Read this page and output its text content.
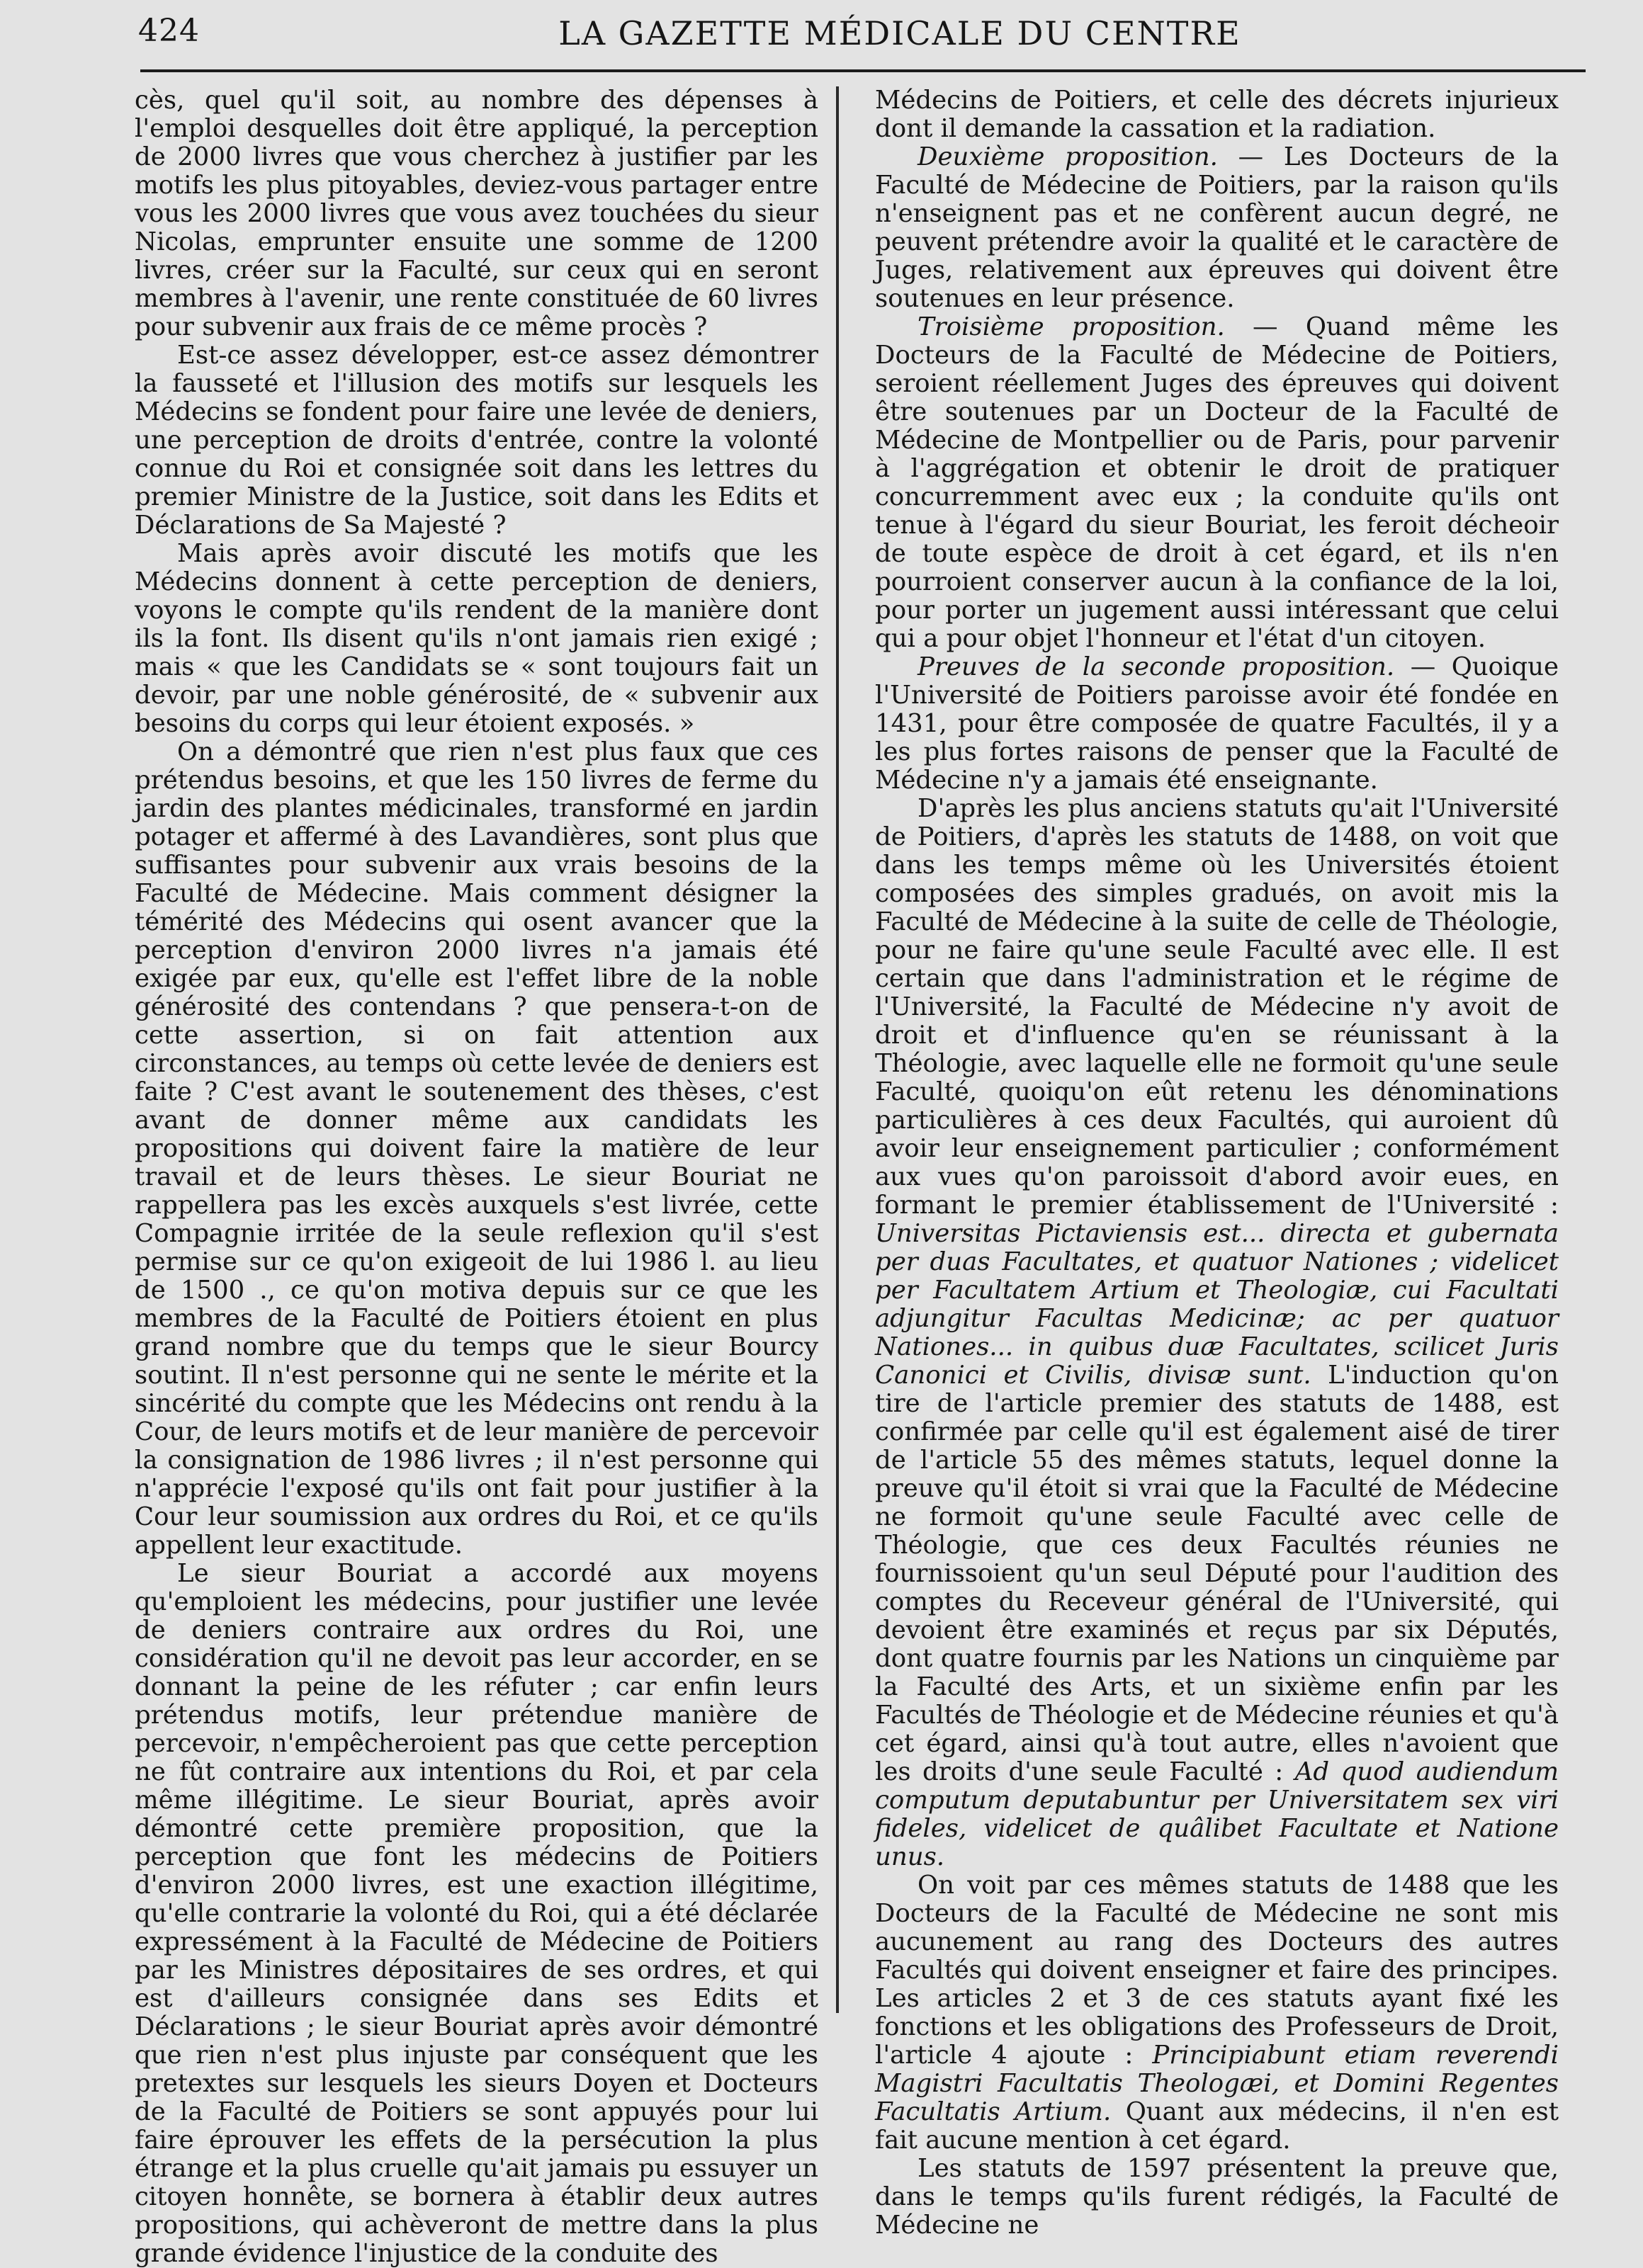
424	LA GAZETTE MÉDICALE DU CENTRE

cès, quel qu'il soit, au nombre des dépenses à l'emploi desquelles doit être appliqué, la perception de 2000 livres que vous cherchez à justifier par les motifs les plus pitoyables, deviez-vous partager entre vous les 2000 livres que vous avez touchées du sieur Nicolas, emprunter ensuite une somme de 1200 livres, créer sur la Faculté, sur ceux qui en seront membres à l'avenir, une rente constituée de 60 livres pour subvenir aux frais de ce même procès ?

Est-ce assez développer, est-ce assez démontrer la fausseté et l'illusion des motifs sur lesquels les Médecins se fondent pour faire une levée de deniers, une perception de droits d'entrée, contre la volonté connue du Roi et consignée soit dans les lettres du premier Ministre de la Justice, soit dans les Edits et Déclarations de Sa Majesté ?

Mais après avoir discuté les motifs que les Médecins donnent à cette perception de deniers, voyons le compte qu'ils rendent de la manière dont ils la font. Ils disent qu'ils n'ont jamais rien exigé ; mais « que les Candidats se « sont toujours fait un devoir, par une noble générosité, de « subvenir aux besoins du corps qui leur étoient exposés. »

On a démontré que rien n'est plus faux que ces prétendus besoins, et que les 150 livres de ferme du jardin des plantes médicinales, transformé en jardin potager et affermé à des Lavandières, sont plus que suffisantes pour subvenir aux vrais besoins de la Faculté de Médecine. Mais comment désigner la témérité des Médecins qui osent avancer que la perception d'environ 2000 livres n'a jamais été exigée par eux, qu'elle est l'effet libre de la noble générosité des contendans ? que pensera-t-on de cette assertion, si on fait attention aux circonstances, au temps où cette levée de deniers est faite ? C'est avant le soutenement des thèses, c'est avant de donner même aux candidats les propositions qui doivent faire la matière de leur travail et de leurs thèses. Le sieur Bouriat ne rappellera pas les excès auxquels s'est livrée, cette Compagnie irritée de la seule reflexion qu'il s'est permise sur ce qu'on exigeoit de lui 1986 l. au lieu de 1500 ., ce qu'on motiva depuis sur ce que les membres de la Faculté de Poitiers étoient en plus grand nombre que du temps que le sieur Bourcy soutint. Il n'est personne qui ne sente le mérite et la sincérité du compte que les Médecins ont rendu à la Cour, de leurs motifs et de leur manière de percevoir la consignation de 1986 livres ; il n'est personne qui n'apprécie l'exposé qu'ils ont fait pour justifier à la Cour leur soumission aux ordres du Roi, et ce qu'ils appellent leur exactitude.

Le sieur Bouriat a accordé aux moyens qu'emploient les médecins, pour justifier une levée de deniers contraire aux ordres du Roi, une considération qu'il ne devoit pas leur accorder, en se donnant la peine de les réfuter ; car enfin leurs prétendus motifs, leur prétendue manière de percevoir, n'empêcheroient pas que cette perception ne fût contraire aux intentions du Roi, et par cela même illégitime. Le sieur Bouriat, après avoir démontré cette première proposition, que la perception que font les médecins de Poitiers d'environ 2000 livres, est une exaction illégitime, qu'elle contrarie la volonté du Roi, qui a été déclarée expressément à la Faculté de Médecine de Poitiers par les Ministres dépositaires de ses ordres, et qui est d'ailleurs consignée dans ses Edits et Déclarations ; le sieur Bouriat après avoir démontré que rien n'est plus injuste par conséquent que les pretextes sur lesquels les sieurs Doyen et Docteurs de la Faculté de Poitiers se sont appuyés pour lui faire éprouver les effets de la persécution la plus étrange et la plus cruelle qu'ait jamais pu essuyer un citoyen honnête, se bornera à établir deux autres propositions, qui achèveront de mettre dans la plus grande évidence l'injustice de la conduite des

Médecins de Poitiers, et celle des décrets injurieux dont il demande la cassation et la radiation.

Deuxième proposition. — Les Docteurs de la Faculté de Médecine de Poitiers, par la raison qu'ils n'enseignent pas et ne confèrent aucun degré, ne peuvent prétendre avoir la qualité et le caractère de Juges, relativement aux épreuves qui doivent être soutenues en leur présence.

Troisième proposition. — Quand même les Docteurs de la Faculté de Médecine de Poitiers, seroient réellement Juges des épreuves qui doivent être soutenues par un Docteur de la Faculté de Médecine de Montpellier ou de Paris, pour parvenir à l'aggrégation et obtenir le droit de pratiquer concurremment avec eux ; la conduite qu'ils ont tenue à l'égard du sieur Bouriat, les feroit décheoir de toute espèce de droit à cet égard, et ils n'en pourroient conserver aucun à la confiance de la loi, pour porter un jugement aussi intéressant que celui qui a pour objet l'honneur et l'état d'un citoyen.

Preuves de la seconde proposition. — Quoique l'Université de Poitiers paroisse avoir été fondée en 1431, pour être composée de quatre Facultés, il y a les plus fortes raisons de penser que la Faculté de Médecine n'y a jamais été enseignante.

D'après les plus anciens statuts qu'ait l'Université de Poitiers, d'après les statuts de 1488, on voit que dans les temps même où les Universités étoient composées des simples gradués, on avoit mis la Faculté de Médecine à la suite de celle de Théologie, pour ne faire qu'une seule Faculté avec elle. Il est certain que dans l'administration et le régime de l'Université, la Faculté de Médecine n'y avoit de droit et d'influence qu'en se réunissant à la Théologie, avec laquelle elle ne formoit qu'une seule Faculté, quoiqu'on eût retenu les dénominations particulières à ces deux Facultés, qui auroient dû avoir leur enseignement particulier ; conformément aux vues qu'on paroissoit d'abord avoir eues, en formant le premier établissement de l'Université : Universitas Pictaviensis est... directa et gubernata per duas Facultates, et quatuor Nationes ; videlicet per Facultatem Artium et Theologiæ, cui Facultati adjungitur Facultas Medicinæ; ac per quatuor Nationes... in quibus duæ Facultates, scilicet Juris Canonici et Civilis, divisæ sunt. L'induction qu'on tire de l'article premier des statuts de 1488, est confirmée par celle qu'il est également aisé de tirer de l'article 55 des mêmes statuts, lequel donne la preuve qu'il étoit si vrai que la Faculté de Médecine ne formoit qu'une seule Faculté avec celle de Théologie, que ces deux Facultés réunies ne fournissoient qu'un seul Député pour l'audition des comptes du Receveur général de l'Université, qui devoient être examinés et reçus par six Députés, dont quatre fournis par les Nations un cinquième par la Faculté des Arts, et un sixième enfin par les Facultés de Théologie et de Médecine réunies et qu'à cet égard, ainsi qu'à tout autre, elles n'avoient que les droits d'une seule Faculté : Ad quod audiendum computum deputabuntur per Universitatem sex viri fideles, videlicet de quâlibet Facultate et Natione unus.

On voit par ces mêmes statuts de 1488 que les Docteurs de la Faculté de Médecine ne sont mis aucunement au rang des Docteurs des autres Facultés qui doivent enseigner et faire des principes. Les articles 2 et 3 de ces statuts ayant fixé les fonctions et les obligations des Professeurs de Droit, l'article 4 ajoute : Principiabunt etiam reverendi Magistri Facultatis Theologæi, et Domini Regentes Facultatis Artium. Quant aux médecins, il n'en est fait aucune mention à cet égard.

Les statuts de 1597 présentent la preuve que, dans le temps qu'ils furent rédigés, la Faculté de Médecine ne
